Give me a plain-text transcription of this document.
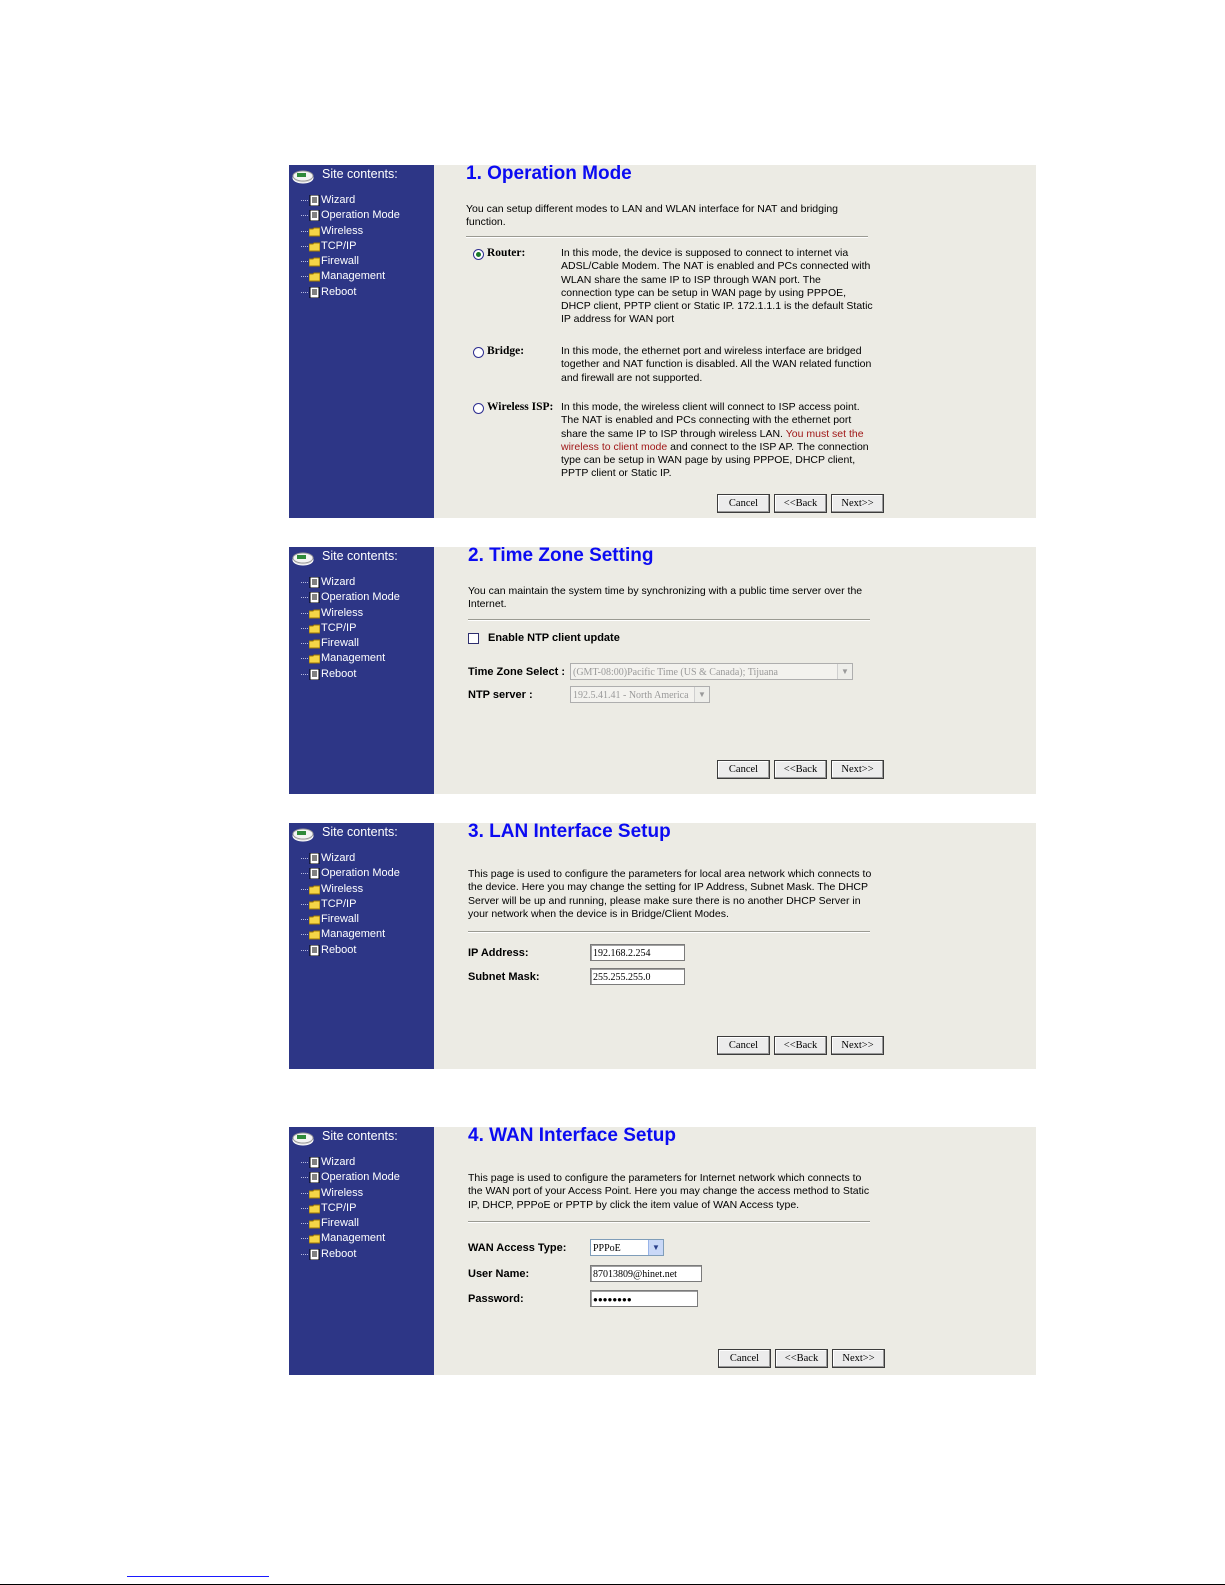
Site contents:
Wizard
Operation Mode
Wireless
TCP/IP
Firewall
Management
Reboot
1. Operation Mode
You can setup different modes to LAN and WLAN interface for NAT and bridging function.
Router:	In this mode, the device is supposed to connect to internet via ADSL/Cable Modem. The NAT is enabled and PCs connected with WLAN share the same IP to ISP through WAN port. The connection type can be setup in WAN page by using PPPOE, DHCP client, PPTP client or Static IP. 172.1.1.1 is the default Static IP address for WAN port
Bridge:	In this mode, the ethernet port and wireless interface are bridged together and NAT function is disabled. All the WAN related function and firewall are not supported.
Wireless ISP: In this mode, the wireless client will connect to ISP access point. The NAT is enabled and PCs connecting with the ethernet port share the same IP to ISP through wireless LAN. You must set the wireless to client mode and connect to the ISP AP. The connection type can be setup in WAN page by using PPPOE, DHCP client, PPTP client or Static IP.
Cancel	<<Back	Next>>
Site contents:
Wizard
Operation Mode
Wireless
TCP/IP
Firewall
Management
Reboot
2. Time Zone Setting
You can maintain the system time by synchronizing with a public time server over the Internet.
Enable NTP client update
Time Zone Select : (GMT-08:00)Pacific Time (US & Canada); Tijuana	▼
NTP server :	192.5.41.41 - North America	▼
Cancel	<<Back	Next>>
Site contents:
Wizard
Operation Mode
Wireless
TCP/IP
Firewall
Management
Reboot
3. LAN Interface Setup
This page is used to configure the parameters for local area network which connects to the device. Here you may change the setting for IP Address, Subnet Mask. The DHCP Server will be up and running, please make sure there is no another DHCP Server in your network when the device is in Bridge/Client Modes.
IP Address:	192.168.2.254
Subnet Mask:	255.255.255.0
Cancel	<<Back	Next>>
Site contents:
Wizard
Operation Mode
Wireless
TCP/IP
Firewall
Management
Reboot
4. WAN Interface Setup
This page is used to configure the parameters for Internet network which connects to the WAN port of your Access Point. Here you may change the access method to Static IP, DHCP, PPPoE or PPTP by click the item value of WAN Access type.
WAN Access Type:	PPPoE	▼
User Name:	87013809@hinet.net
Password:	●●●●●●●●
Cancel	<<Back	Next>>
